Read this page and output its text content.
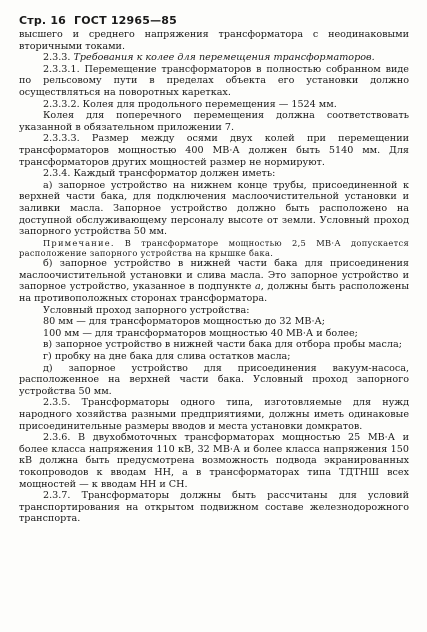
Стр. 16 ГОСТ 12965—85

высшего и среднего напряжения трансформатора с неодинаковыми вторичными токами.

2.3.3. Требования к колее для перемещения трансформаторов.

2.3.3.1. Перемещение трансформаторов в полностью собранном виде по рельсовому пути в пределах объекта его установки должно осуществляться на поворотных каретках.

2.3.3.2. Колея для продольного перемещения — 1524 мм.

Колея для поперечного перемещения должна соответствовать указанной в обязательном приложении 7.

2.3.3.3. Размер между осями двух колей при перемещении трансформаторов мощностью 400 МВ·А должен быть 5140 мм. Для трансформаторов других мощностей размер не нормируют.

2.3.4. Каждый трансформатор должен иметь:

а) запорное устройство на нижнем конце трубы, присоединенной к верхней части бака, для подключения маслоочистительной установки и заливки масла. Запорное устройство должно быть расположено на доступной обслуживающему персоналу высоте от земли. Условный проход запорного устройства 50 мм.

Примечание. В трансформаторе мощностью 2,5 МВ·А допускается расположение запорного устройства на крышке бака.

б) запорное устройство в нижней части бака для присоединения маслоочистительной установки и слива масла. Это запорное устройство и запорное устройство, указанное в подпункте а, должны быть расположены на противоположных сторонах трансформатора.

Условный проход запорного устройства:

80 мм — для трансформаторов мощностью до 32 МВ·А;

100 мм — для трансформаторов мощностью 40 МВ·А и более;

в) запорное устройство в нижней части бака для отбора пробы масла;

г) пробку на дне бака для слива остатков масла;

д) запорное устройство для присоединения вакуум-насоса, расположенное на верхней части бака. Условный проход запорного устройства 50 мм.

2.3.5. Трансформаторы одного типа, изготовляемые для нужд народного хозяйства разными предприятиями, должны иметь одинаковые присоединительные размеры вводов и места установки домкратов.

2.3.6. В двухобмоточных трансформаторах мощностью 25 МВ·А и более класса напряжения 110 кВ, 32 МВ·А и более класса напряжения 150 кВ должна быть предусмотрена возможность подвода экранированных токопроводов к вводам НН, а в трансформаторах типа ТДТНШ всех мощностей — к вводам НН и СН.

2.3.7. Трансформаторы должны быть рассчитаны для условий транспортирования на открытом подвижном составе железнодорожного транспорта.
